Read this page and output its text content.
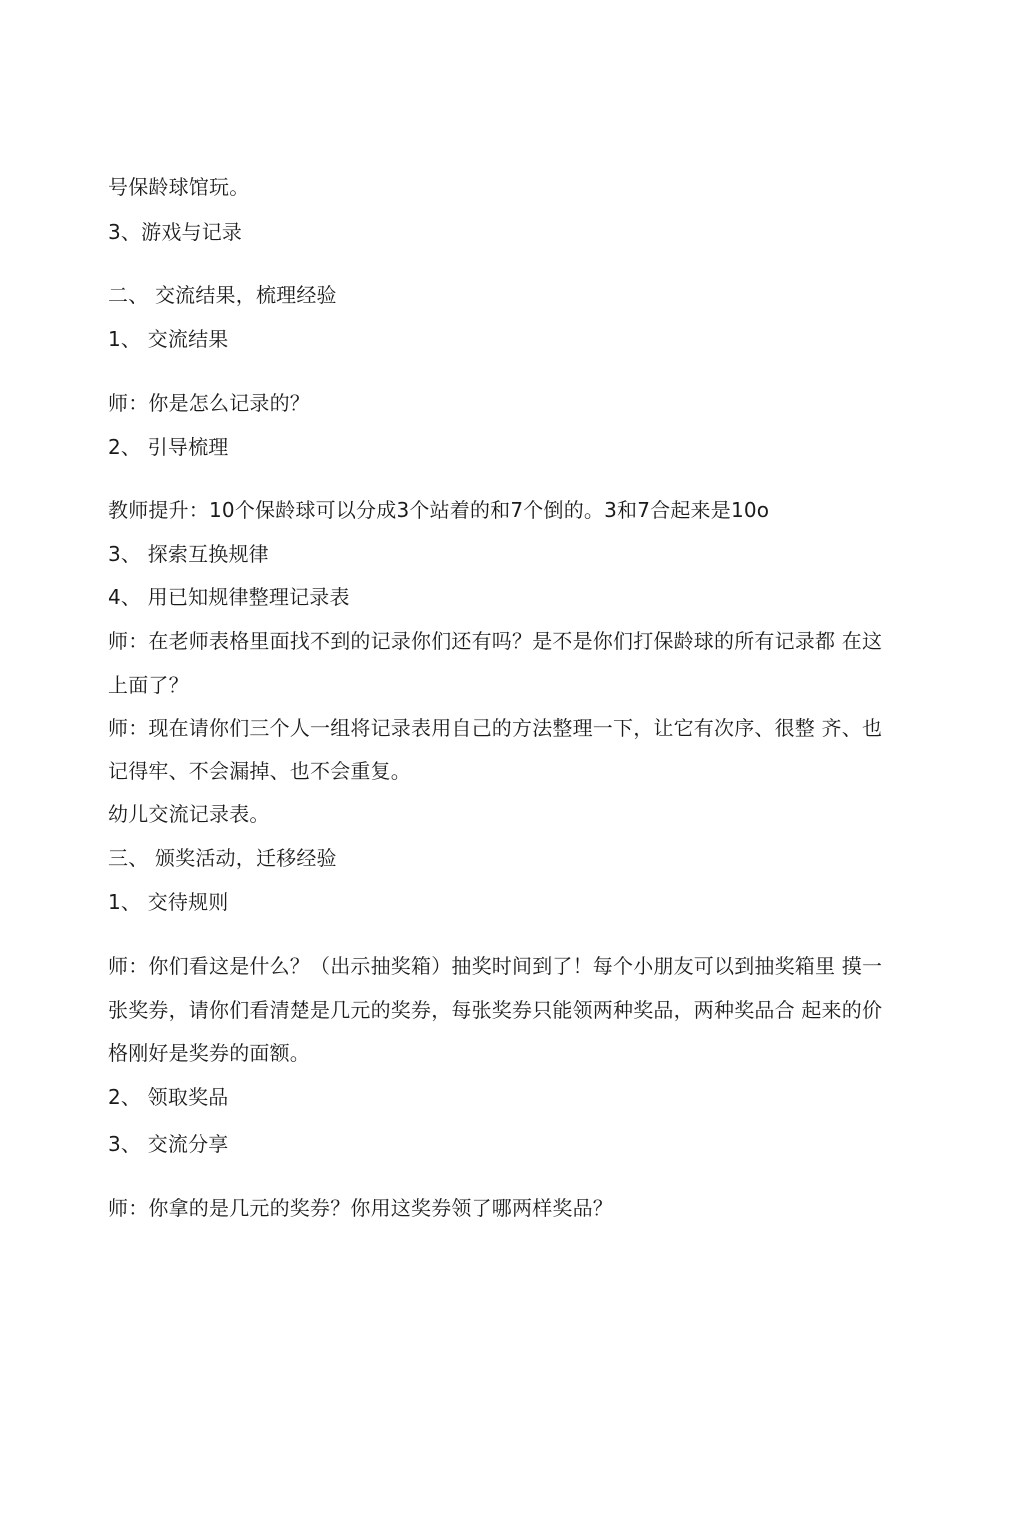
号保龄球馆玩。
3、游戏与记录
二、 交流结果，梳理经验
1、 交流结果
师：你是怎么记录的？
2、 引导梳理
教师提升：10个保龄球可以分成3个站着的和7个倒的。3和7合起来是10o
3、 探索互换规律
4、 用已知规律整理记录表
师：在老师表格里面找不到的记录你们还有吗？是不是你们打保龄球的所有记录都 在这
上面了？
师：现在请你们三个人一组将记录表用自己的方法整理一下，让它有次序、很整 齐、也
记得牢、不会漏掉、也不会重复。
幼儿交流记录表。
三、 颁奖活动，迁移经验
1、 交待规则
师：你们看这是什么？（出示抽奖箱）抽奖时间到了！每个小朋友可以到抽奖箱里 摸一
张奖券，请你们看清楚是几元的奖券，每张奖券只能领两种奖品，两种奖品合 起来的价
格刚好是奖券的面额。
2、 领取奖品
3、 交流分享
师：你拿的是几元的奖券？你用这奖券领了哪两样奖品？
